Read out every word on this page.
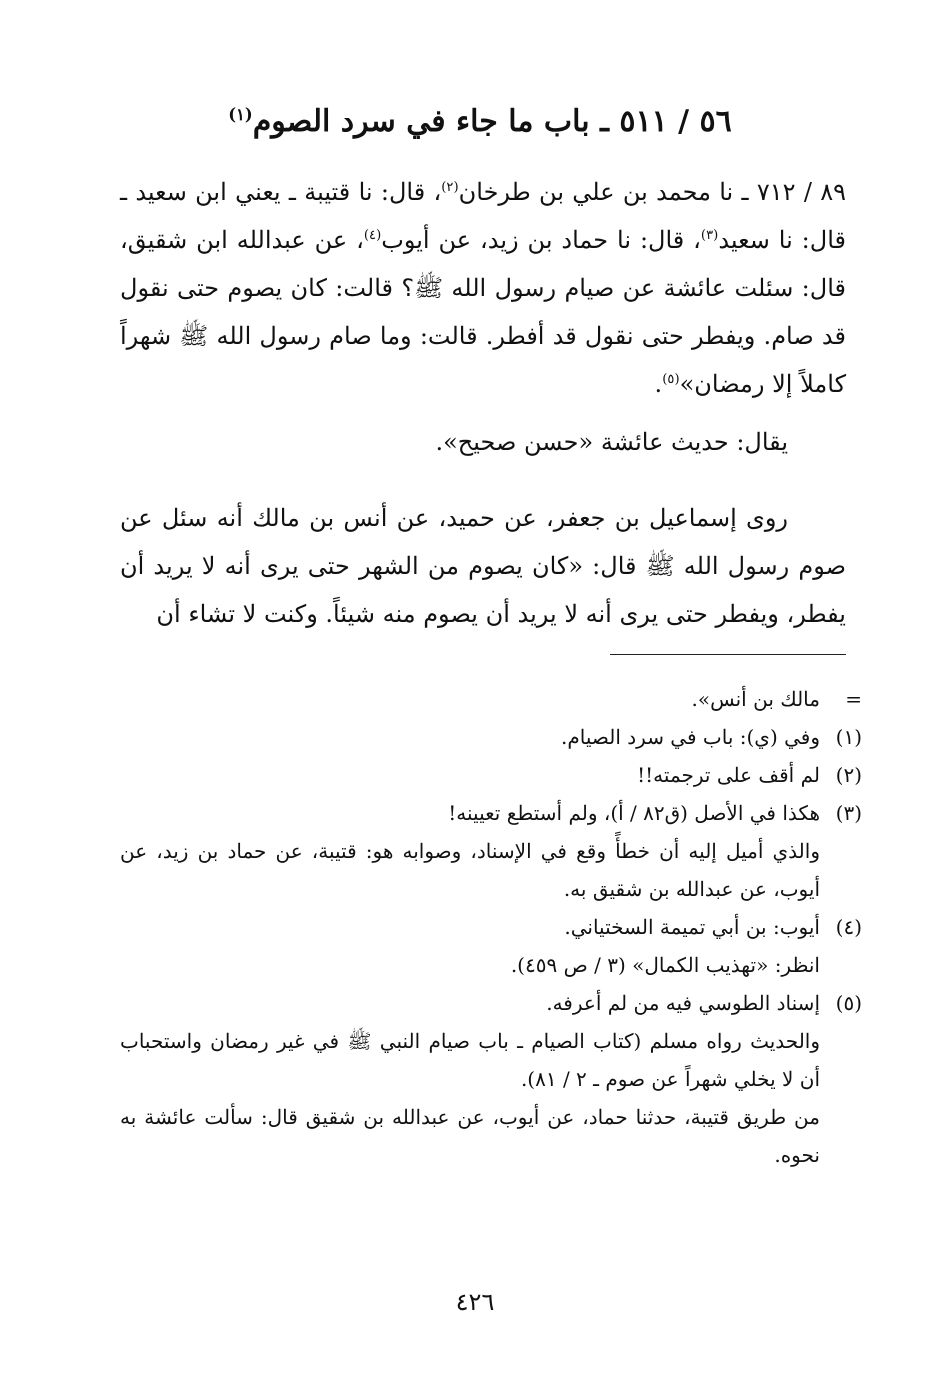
٥٦ / ٥١١ ـ باب ما جاء في سرد الصوم$^{(١)}$

٨٩ / ٧١٢ ـ نا محمد بن علي بن طرخان$^{(٢)}$، قال: نا قتيبة ـ يعني ابن سعيد ـ قال: نا سعيد$^{(٣)}$، قال: نا حماد بن زيد، عن أيوب$^{(٤)}$، عن عبدالله ابن شقيق، قال: سئلت عائشة عن صيام رسول الله ﷺ؟ قالت: كان يصوم حتى نقول قد صام. ويفطر حتى نقول قد أفطر. قالت: وما صام رسول الله ﷺ شهراً كاملاً إلا رمضان»$^{(٥)}$.

يقال: حديث عائشة «حسن صحيح».

روى إسماعيل بن جعفر، عن حميد، عن أنس بن مالك أنه سئل عن صوم رسول الله ﷺ قال: «كان يصوم من الشهر حتى يرى أنه لا يريد أن يفطر، ويفطر حتى يرى أنه لا يريد أن يصوم منه شيئاً. وكنت لا تشاء أن

=
مالك بن أنس».
(١)
وفي (ي): باب في سرد الصيام.
(٢)
لم أقف على ترجمته!!
(٣)
هكذا في الأصل (ق٨٢ / أ)، ولم أستطع تعيينه!
والذي أميل إليه أن خطأً وقع في الإسناد، وصوابه هو: قتيبة، عن حماد بن زيد، عن أيوب، عن عبدالله بن شقيق به.
(٤)
أيوب: بن أبي تميمة السختياني.
انظر: «تهذيب الكمال» (٣ / ص ٤٥٩).
(٥)
إسناد الطوسي فيه من لم أعرفه.
والحديث رواه مسلم (كتاب الصيام ـ باب صيام النبي ﷺ في غير رمضان واستحباب أن لا يخلي شهراً عن صوم ـ ٢ / ٨١).
من طريق قتيبة، حدثنا حماد، عن أيوب، عن عبدالله بن شقيق قال: سألت عائشة به نحوه.
٤٢٦
